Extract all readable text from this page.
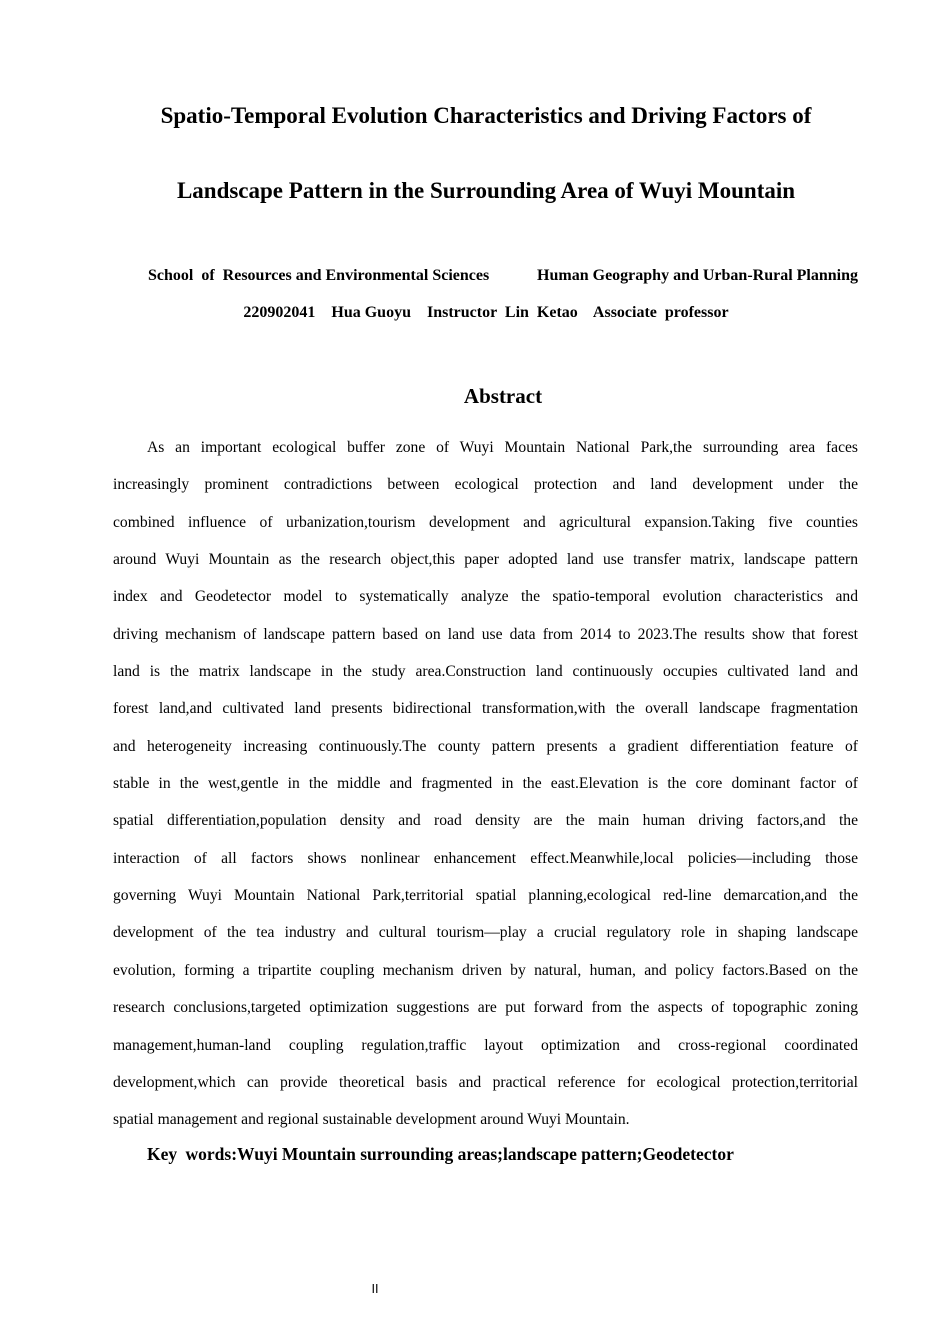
Spatio-Temporal Evolution Characteristics and Driving Factors of
Landscape Pattern in the Surrounding Area of Wuyi Mountain
School  of  Resources and Environmental Sciences	Human Geography and Urban-Rural Planning
220902041    Hua Guoyu    Instructor  Lin  Ketao    Associate  professor
Abstract
As an important ecological buffer zone of Wuyi Mountain National Park,the surrounding area faces
increasingly prominent contradictions between ecological protection and land development under the
combined influence of urbanization,tourism development and agricultural expansion.Taking five counties
around Wuyi Mountain as the research object,this paper adopted land use transfer matrix, landscape pattern
index and Geodetector model to systematically analyze the spatio-temporal evolution characteristics and
driving mechanism of landscape pattern based on land use data from 2014 to 2023.The results show that forest
land is the matrix landscape in the study area.Construction land continuously occupies cultivated land and
forest land,and cultivated land presents bidirectional transformation,with the overall landscape fragmentation
and heterogeneity increasing continuously.The county pattern presents a gradient differentiation feature of
stable in the west,gentle in the middle and fragmented in the east.Elevation is the core dominant factor of
spatial differentiation,population density and road density are the main human driving factors,and the
interaction of all factors shows nonlinear enhancement effect.Meanwhile,local policies—including those
governing Wuyi Mountain National Park,territorial spatial planning,ecological red-line demarcation,and the
development of the tea industry and cultural tourism—play a crucial regulatory role in shaping landscape
evolution, forming a tripartite coupling mechanism driven by natural, human, and policy factors.Based on the
research conclusions,targeted optimization suggestions are put forward from the aspects of topographic zoning
management,human-land coupling regulation,traffic layout optimization and cross-regional coordinated
development,which can provide theoretical basis and practical reference for ecological protection,territorial
spatial management and regional sustainable development around Wuyi Mountain.
Key words:Wuyi Mountain surrounding areas;landscape pattern;Geodetector
II
